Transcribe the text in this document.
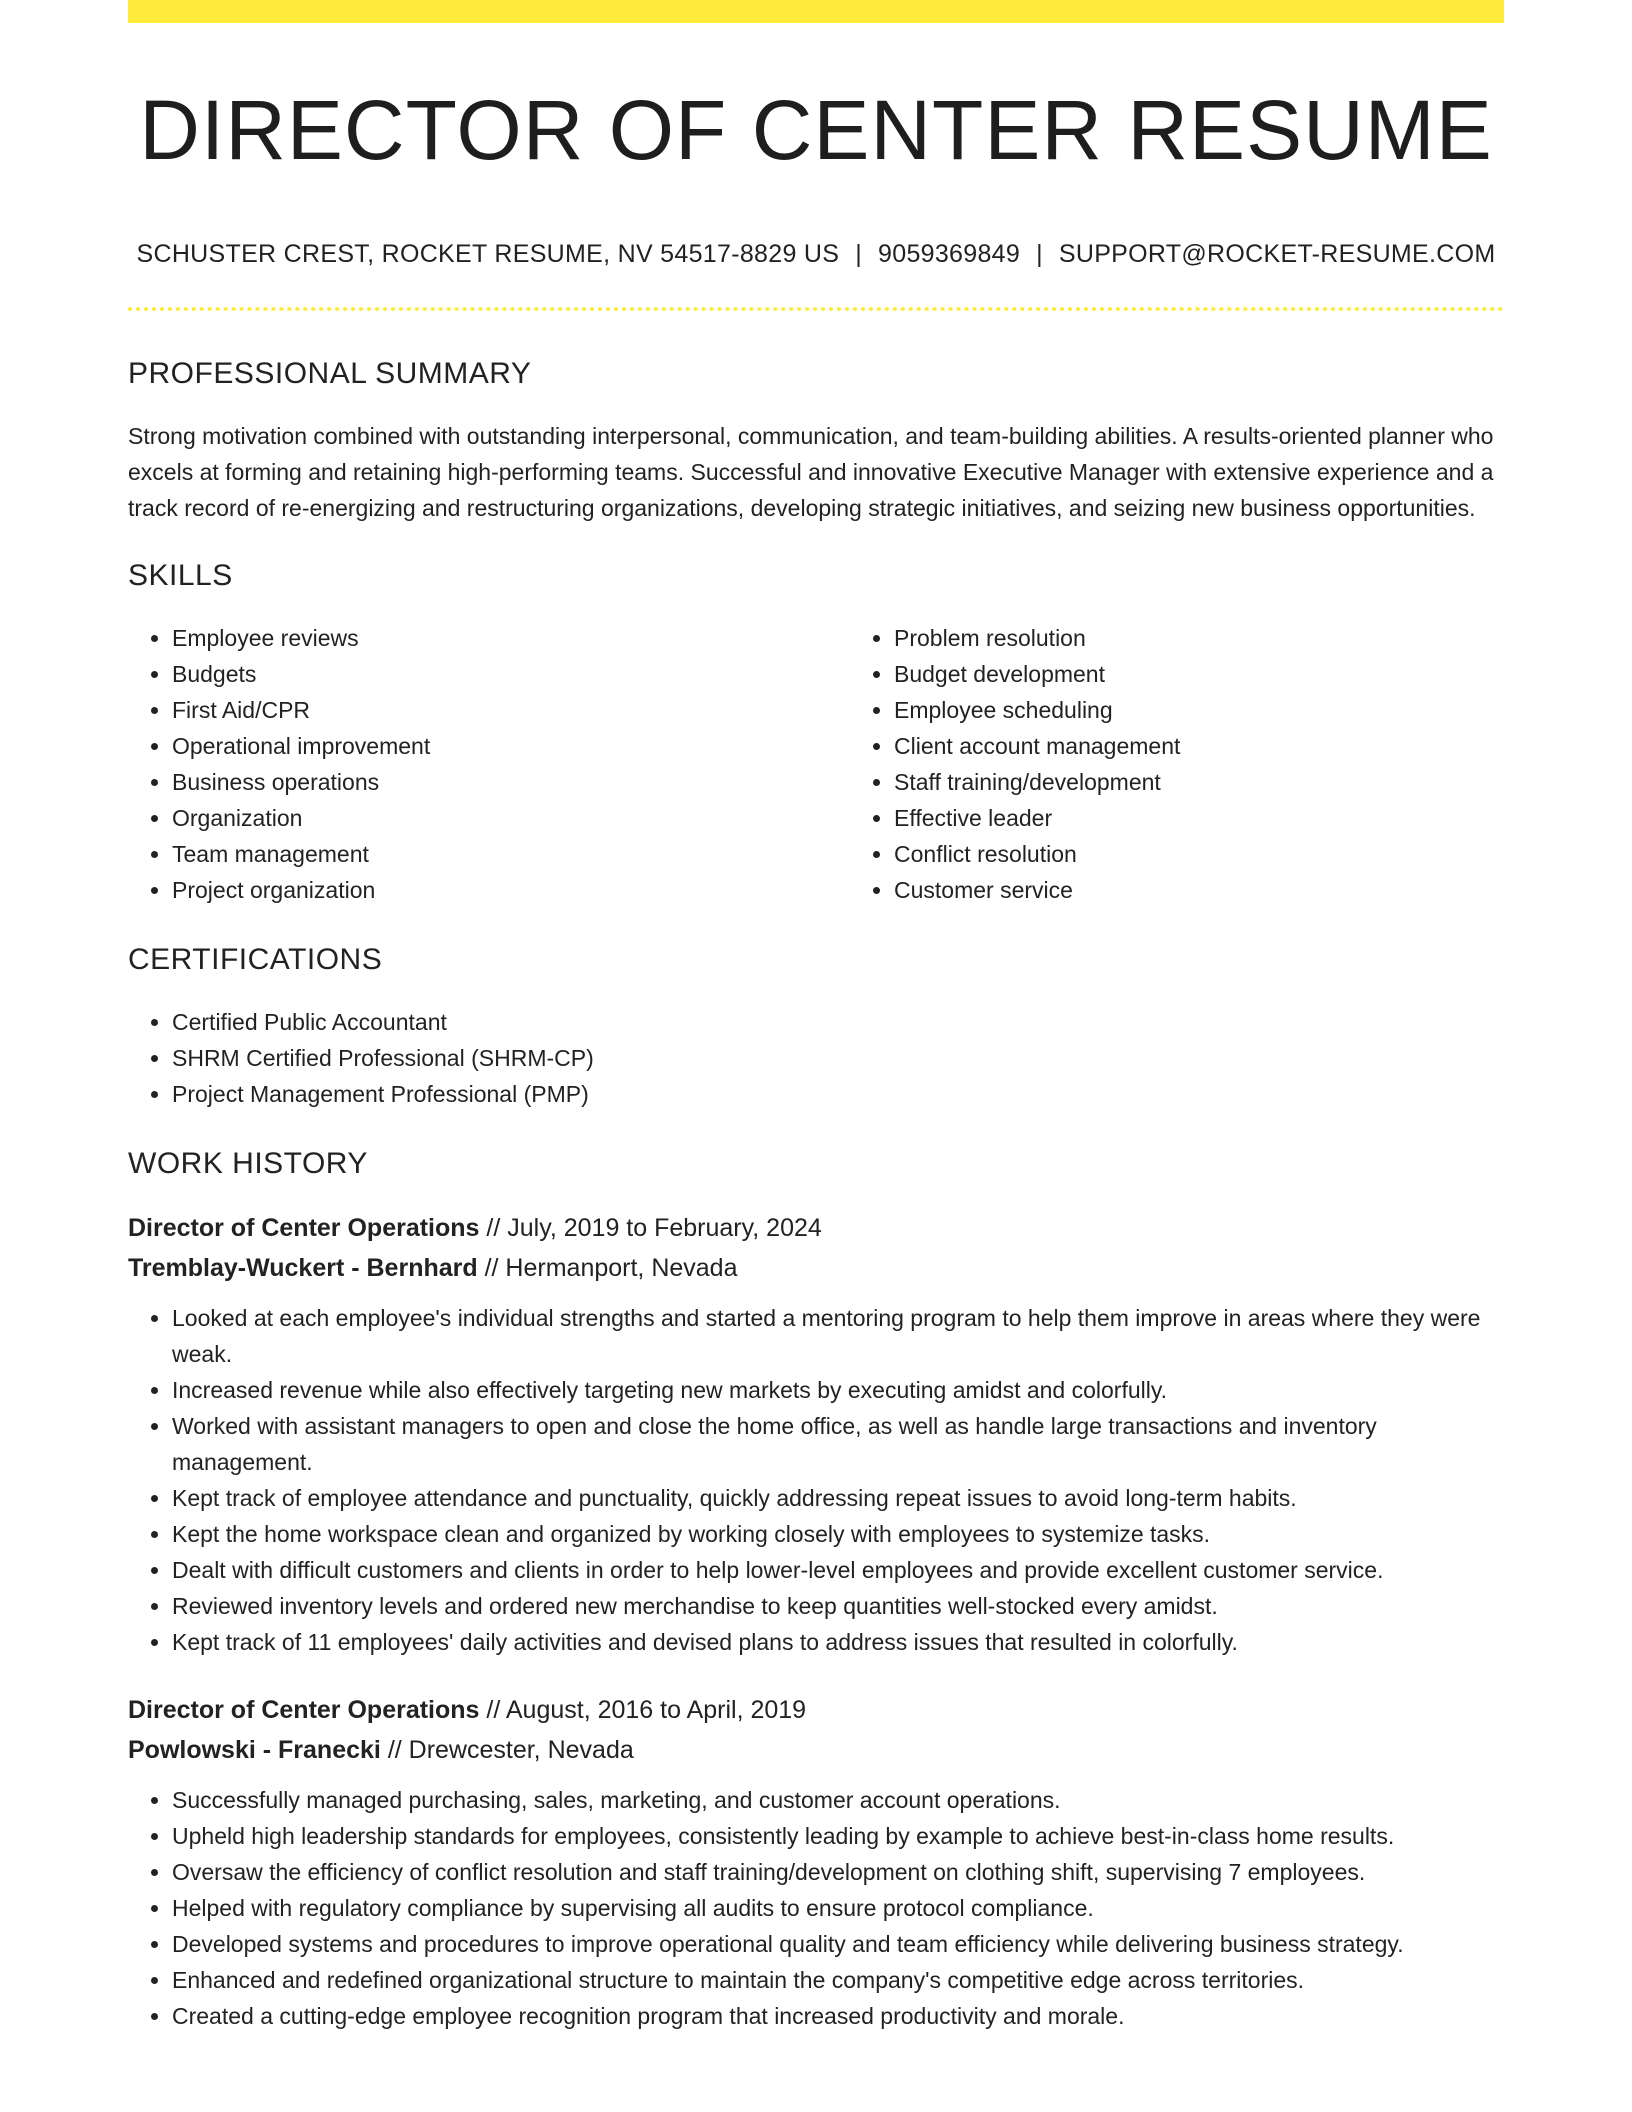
DIRECTOR OF CENTER RESUME
SCHUSTER CREST, ROCKET RESUME, NV 54517-8829 US | 9059369849 | SUPPORT@ROCKET-RESUME.COM
PROFESSIONAL SUMMARY

Strong motivation combined with outstanding interpersonal, communication, and team-building abilities. A results-oriented planner who excels at forming and retaining high-performing teams. Successful and innovative Executive Manager with extensive experience and a track record of re-energizing and restructuring organizations, developing strategic initiatives, and seizing new business opportunities.

SKILLS
• Employee reviews
• Budgets
• First Aid/CPR
• Operational improvement
• Business operations
• Organization
• Team management
• Project organization
• Problem resolution
• Budget development
• Employee scheduling
• Client account management
• Staff training/development
• Effective leader
• Conflict resolution
• Customer service
CERTIFICATIONS
• Certified Public Accountant
• SHRM Certified Professional (SHRM-CP)
• Project Management Professional (PMP)
WORK HISTORY
Director of Center Operations // July, 2019 to February, 2024
Tremblay-Wuckert - Bernhard // Hermanport, Nevada
• Looked at each employee's individual strengths and started a mentoring program to help them improve in areas where they were weak.
• Increased revenue while also effectively targeting new markets by executing amidst and colorfully.
• Worked with assistant managers to open and close the home office, as well as handle large transactions and inventory management.
• Kept track of employee attendance and punctuality, quickly addressing repeat issues to avoid long-term habits.
• Kept the home workspace clean and organized by working closely with employees to systemize tasks.
• Dealt with difficult customers and clients in order to help lower-level employees and provide excellent customer service.
• Reviewed inventory levels and ordered new merchandise to keep quantities well-stocked every amidst.
• Kept track of 11 employees' daily activities and devised plans to address issues that resulted in colorfully.
Director of Center Operations // August, 2016 to April, 2019
Powlowski - Franecki // Drewcester, Nevada
• Successfully managed purchasing, sales, marketing, and customer account operations.
• Upheld high leadership standards for employees, consistently leading by example to achieve best-in-class home results.
• Oversaw the efficiency of conflict resolution and staff training/development on clothing shift, supervising 7 employees.
• Helped with regulatory compliance by supervising all audits to ensure protocol compliance.
• Developed systems and procedures to improve operational quality and team efficiency while delivering business strategy.
• Enhanced and redefined organizational structure to maintain the company's competitive edge across territories.
• Created a cutting-edge employee recognition program that increased productivity and morale.
